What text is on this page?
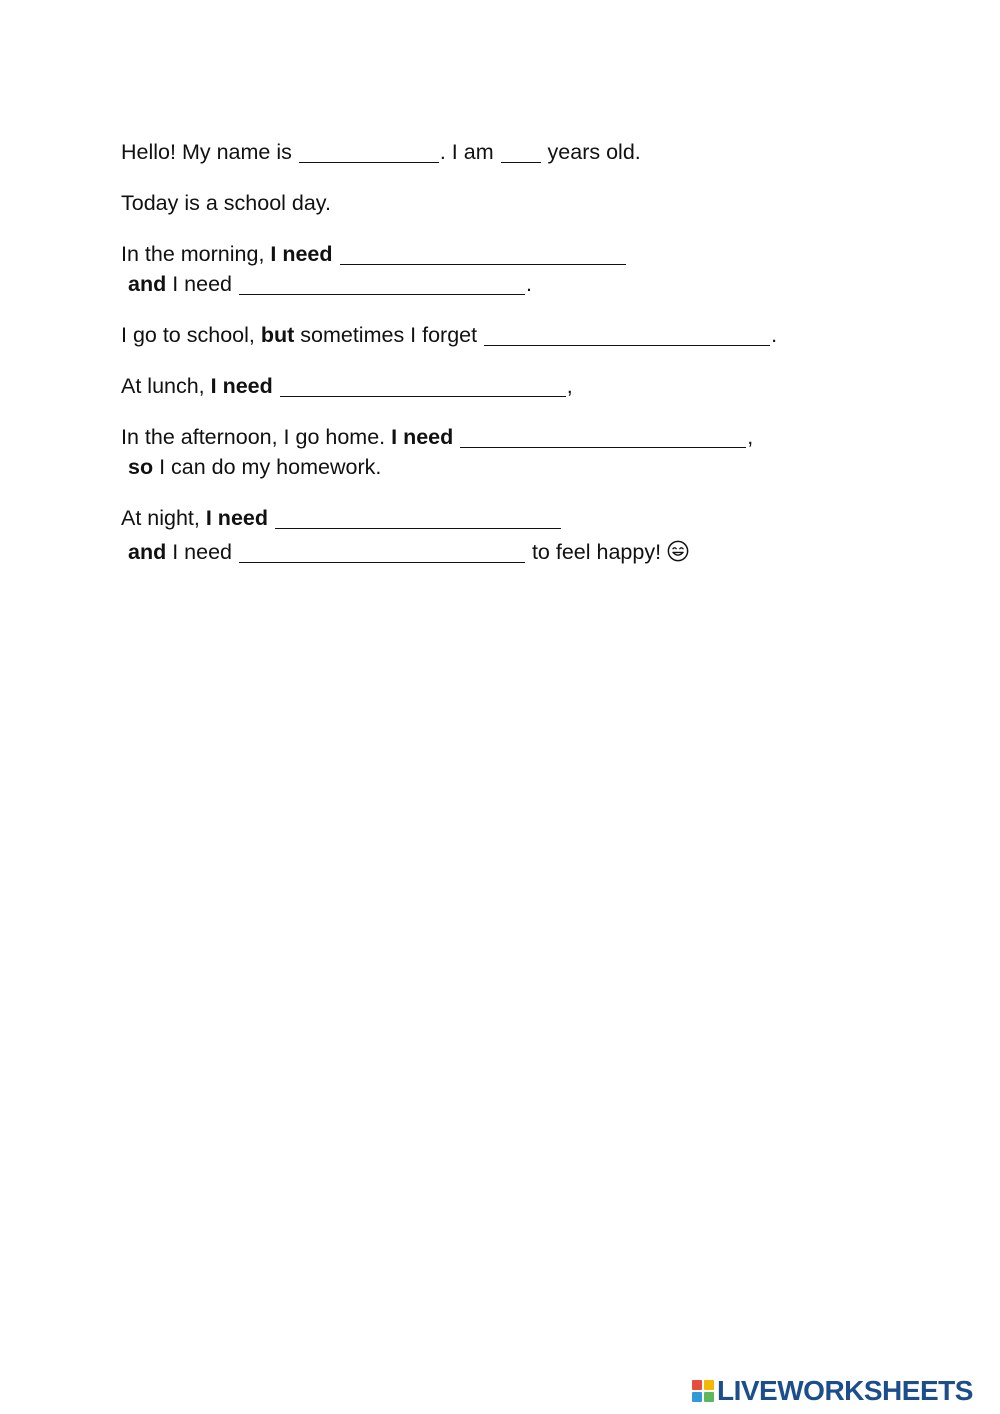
Hello! My name is	. I am  years old.

Today is a school day.

In the morning, I need
and I need	.

I go to school, but sometimes I forget	.

At lunch, I need	,

In the afternoon, I go home. I need	,
so I can do my homework.

At night, I need
and I need	to feel happy!

LIVEWORKSHEETS
